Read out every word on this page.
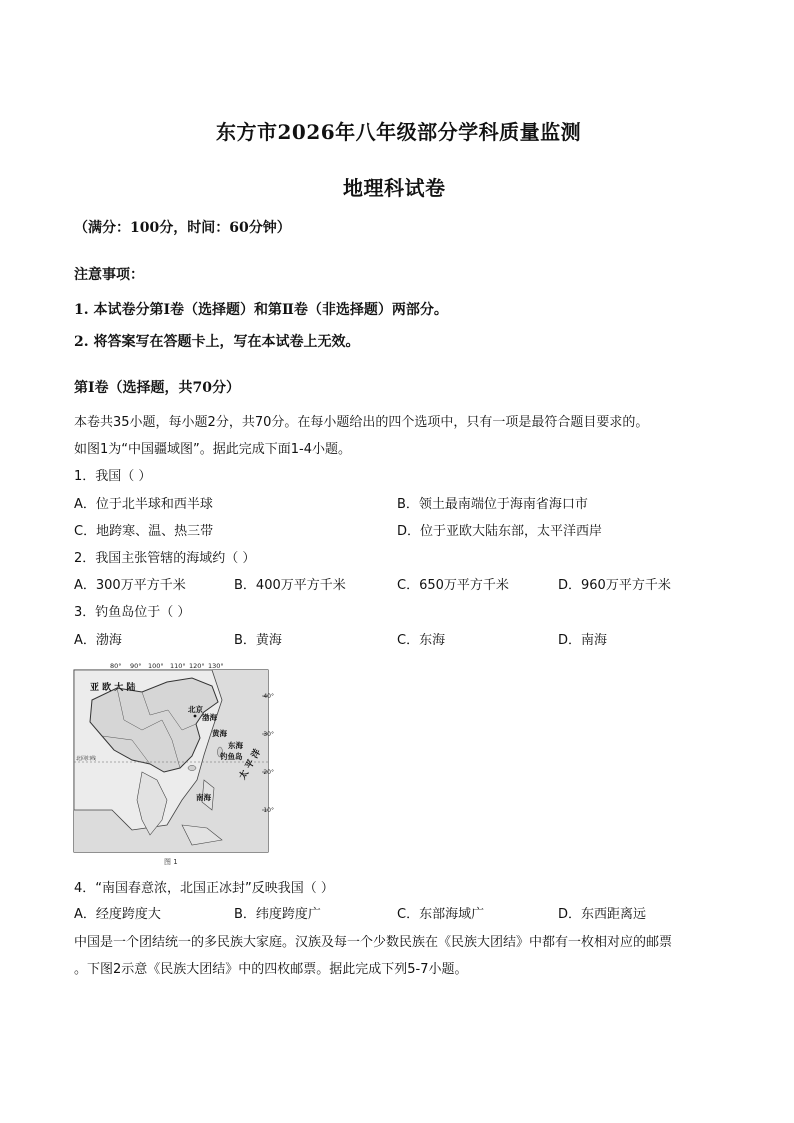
东方市2026年八年级部分学科质量监测
地理科试卷
（满分：100分，时间：60分钟）
注意事项：
1. 本试卷分第Ⅰ卷（选择题）和第Ⅱ卷（非选择题）两部分。
2. 将答案写在答题卡上，写在本试卷上无效。
第Ⅰ卷（选择题，共70分）
本卷共35小题，每小题2分，共70分。在每小题给出的四个选项中，只有一项是最符合题目要求的。
如图1为“中国疆域图”。据此完成下面1-4小题。
1．我国（ ）
A．位于北半球和西半球	B．领土最南端位于海南省海口市
C．地跨寒、温、热三带	D．位于亚欧大陆东部，太平洋西岸
2．我国主张管辖的海域约（ ）
A．300万平方千米	B．400万平方千米	C．650万平方千米	D．960万平方千米
3．钓鱼岛位于（ ）
A．渤海	B．黄海	C．东海	D．南海
80° 90° 100° 110° 120° 130°
40°
30°
20°
10°
北回归线
亚 欧 大 陆
北京
渤海
黄海
东海
钓鱼岛
南海
太 平 洋
图 1
4．“南国春意浓，北国正冰封”反映我国（ ）
A．经度跨度大	B．纬度跨度广	C．东部海域广	D．东西距离远
中国是一个团结统一的多民族大家庭。汉族及每一个少数民族在《民族大团结》中都有一枚相对应的邮票
。下图2示意《民族大团结》中的四枚邮票。据此完成下列5-7小题。
